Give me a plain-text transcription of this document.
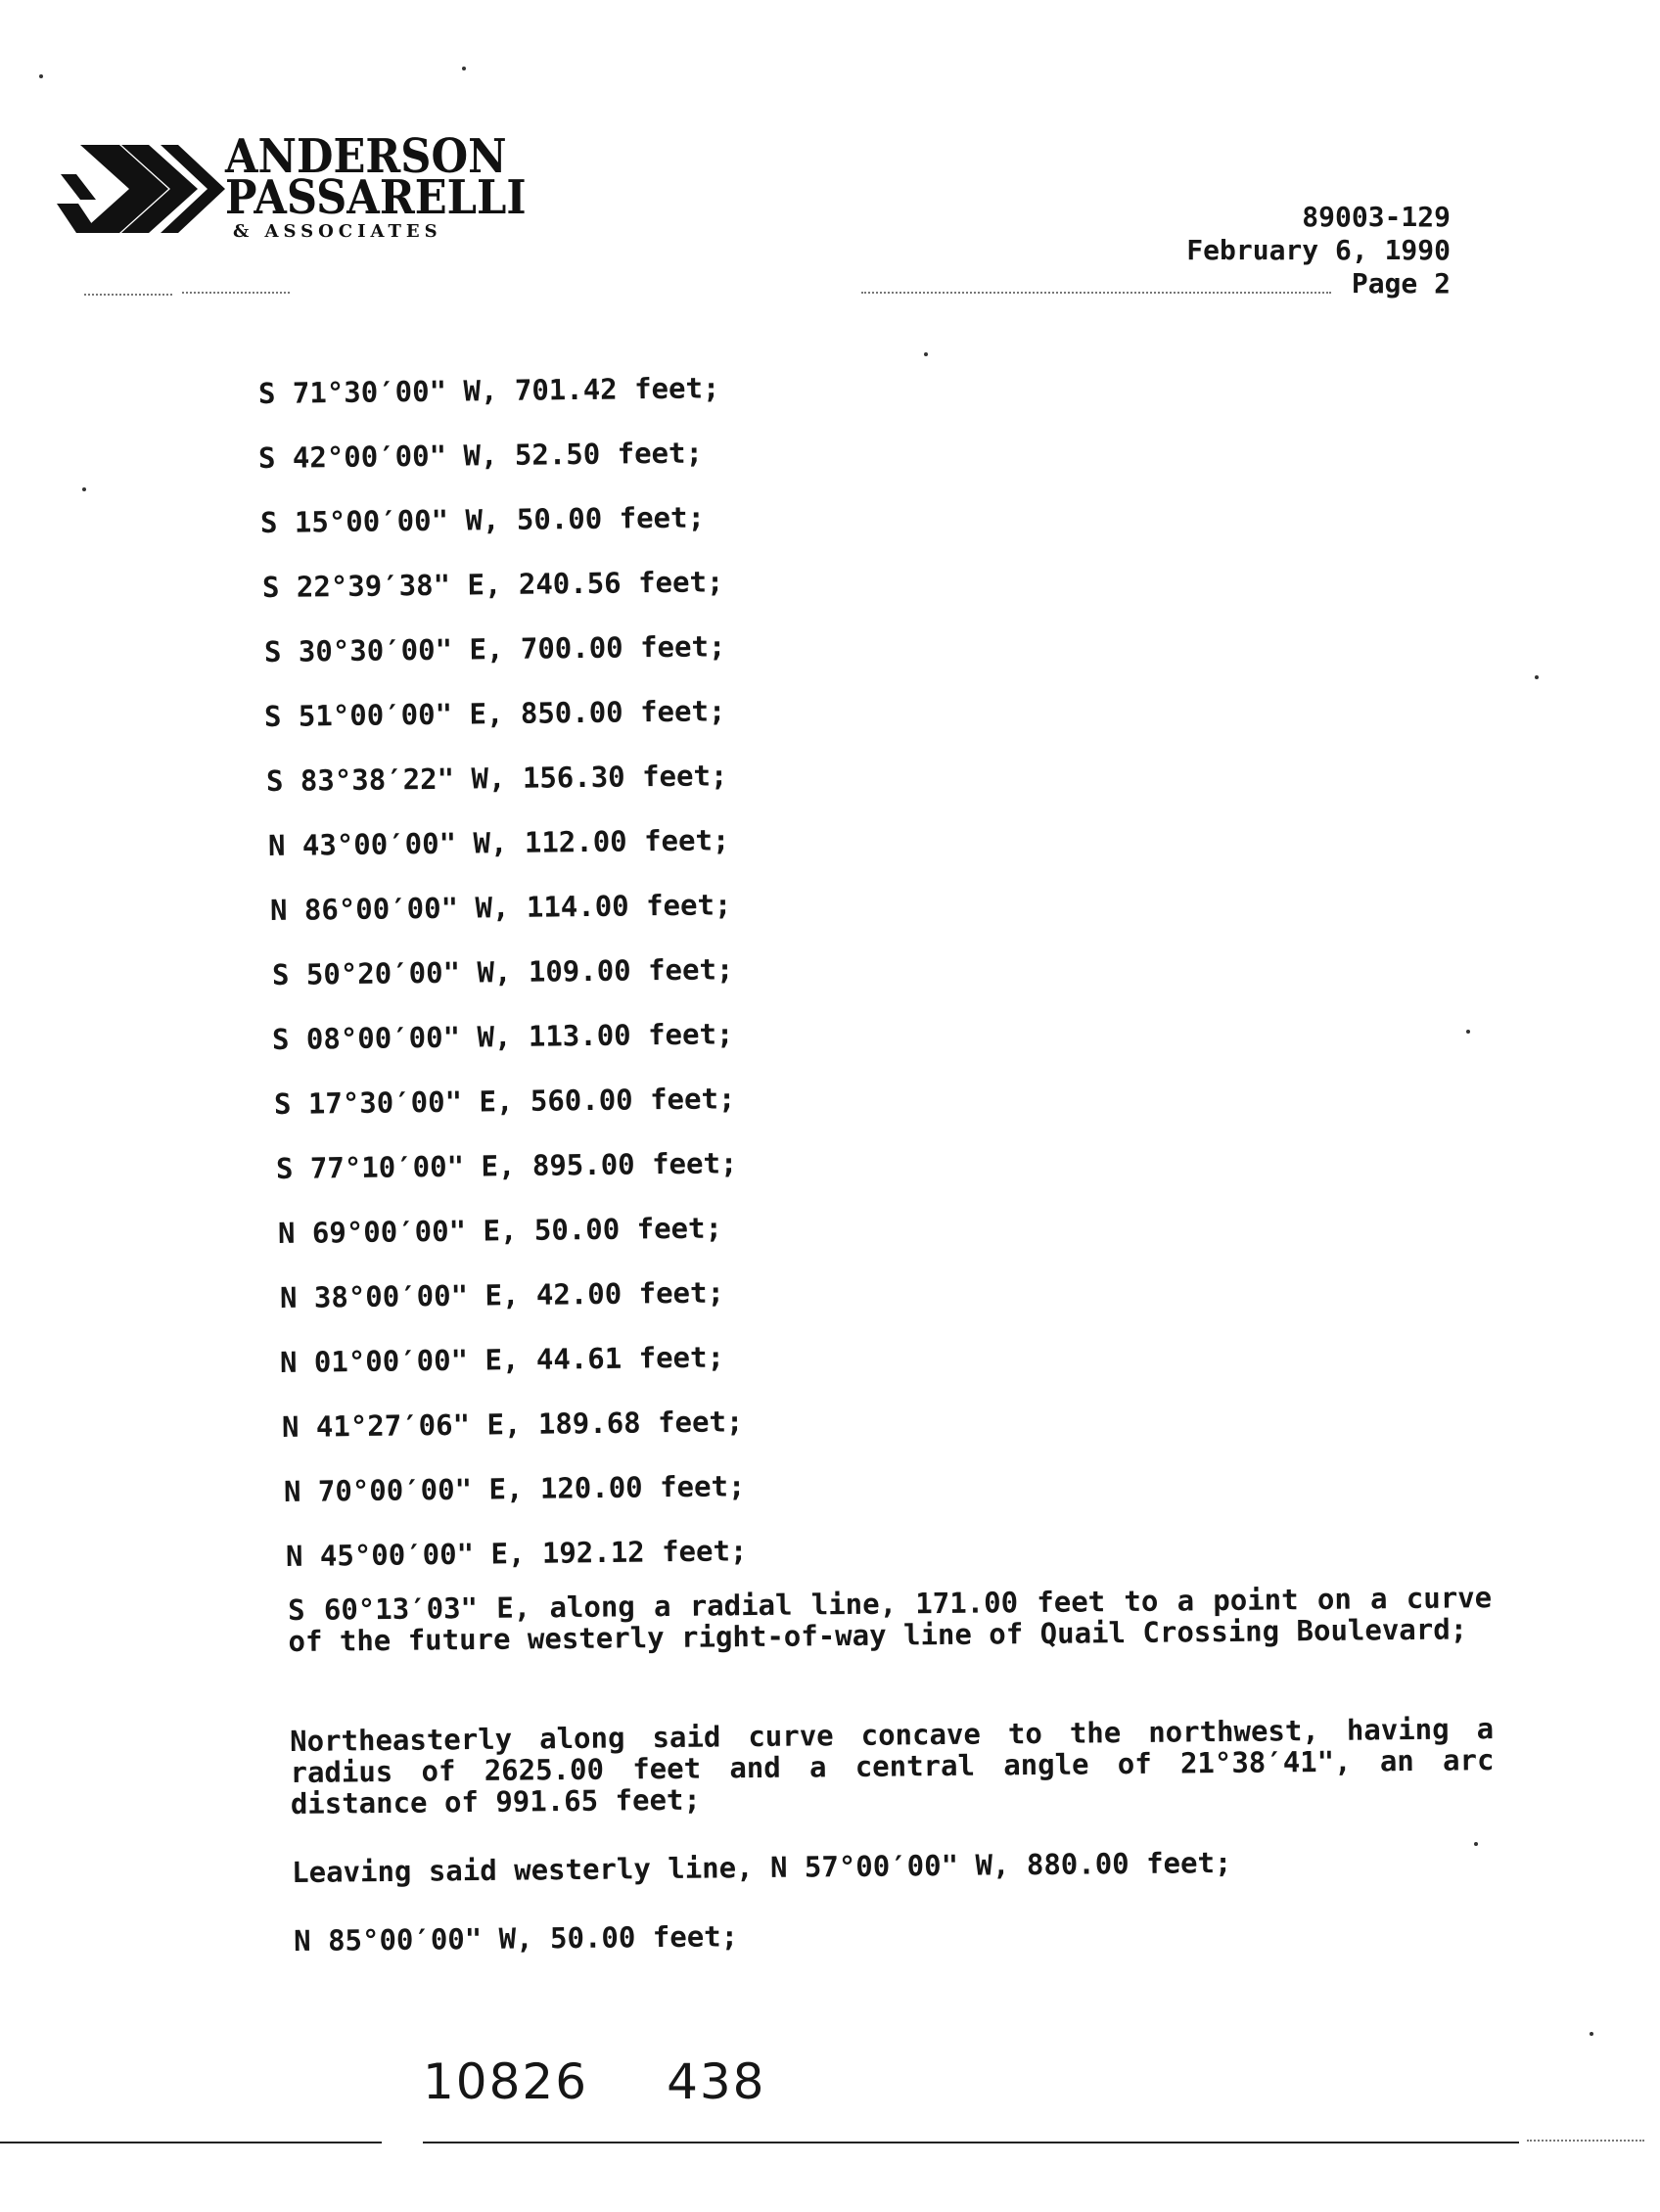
ANDERSON
PASSARELLI
& ASSOCIATES	89003-129
February 6, 1990
Page 2
S 71°30′00" W, 701.42 feet;
S 42°00′00" W, 52.50 feet;
S 15°00′00" W, 50.00 feet;
S 22°39′38" E, 240.56 feet;
S 30°30′00" E, 700.00 feet;
S 51°00′00" E, 850.00 feet;
S 83°38′22" W, 156.30 feet;
N 43°00′00" W, 112.00 feet;
N 86°00′00" W, 114.00 feet;
S 50°20′00" W, 109.00 feet;
S 08°00′00" W, 113.00 feet;
S 17°30′00" E, 560.00 feet;
S 77°10′00" E, 895.00 feet;
N 69°00′00" E, 50.00 feet;
N 38°00′00" E, 42.00 feet;
N 01°00′00" E, 44.61 feet;
N 41°27′06" E, 189.68 feet;
N 70°00′00" E, 120.00 feet;
N 45°00′00" E, 192.12 feet;
S 60°13′03" E, along a radial line, 171.00 feet to a point on a curve of the future westerly right-of-way line of Quail Crossing Boulevard;
Northeasterly along said curve concave to the northwest, having a radius of 2625.00 feet and a central angle of 21°38′41", an arc distance of 991.65 feet;
Leaving said westerly line, N 57°00′00" W, 880.00 feet;
N 85°00′00" W, 50.00 feet;
10826 438
